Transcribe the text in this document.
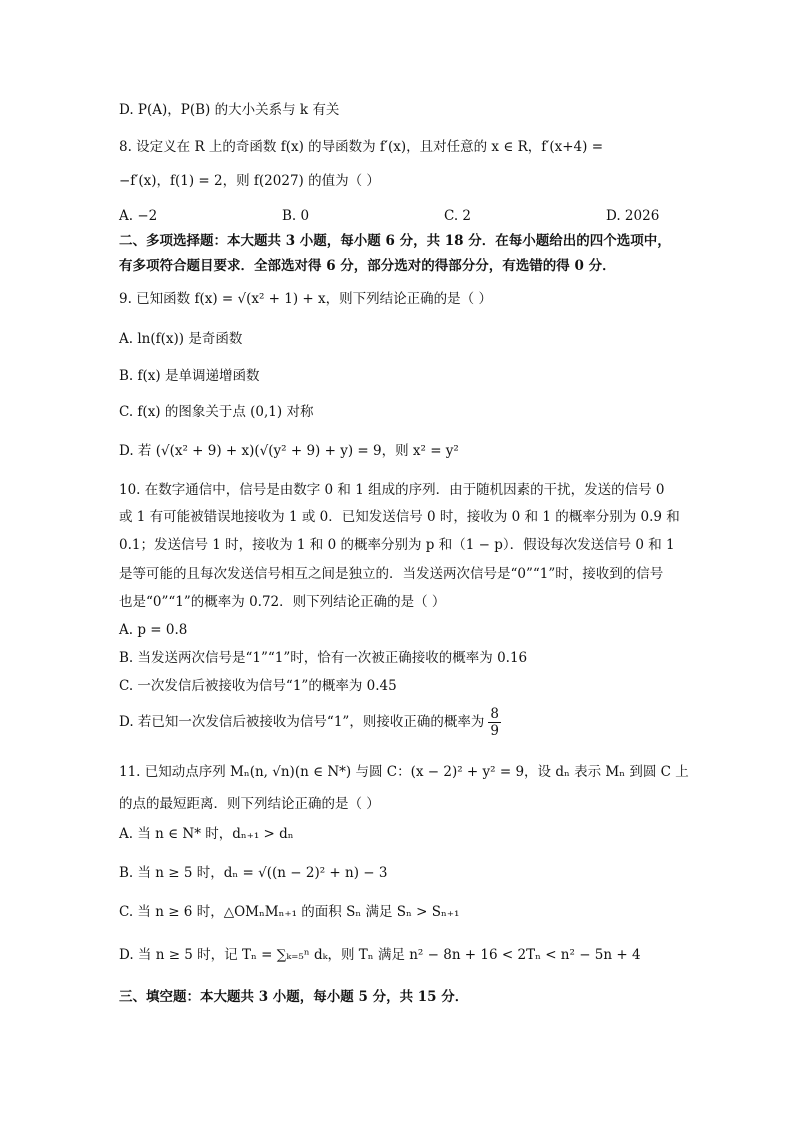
D. P(A)，P(B) 的大小关系与 k 有关
8. 设定义在 R 上的奇函数 f(x) 的导函数为 f′(x)，且对任意的 x ∈ R，f′(x+4) =
−f′(x)，f(1) = 2，则 f(2027) 的值为（ ）
A. −2	B. 0	C. 2	D. 2026
二、多项选择题：本大题共 3 小题，每小题 6 分，共 18 分．在每小题给出的四个选项中，
有多项符合题目要求．全部选对得 6 分，部分选对的得部分分，有选错的得 0 分．
9. 已知函数 f(x) = √(x² + 1) + x，则下列结论正确的是（ ）
A. ln(f(x)) 是奇函数
B. f(x) 是单调递增函数
C. f(x) 的图象关于点 (0,1) 对称
D. 若 (√(x² + 9) + x)(√(y² + 9) + y) = 9，则 x² = y²
10. 在数字通信中，信号是由数字 0 和 1 组成的序列．由于随机因素的干扰，发送的信号 0
或 1 有可能被错误地接收为 1 或 0．已知发送信号 0 时，接收为 0 和 1 的概率分别为 0.9 和
0.1；发送信号 1 时，接收为 1 和 0 的概率分别为 p 和（1 − p）．假设每次发送信号 0 和 1
是等可能的且每次发送信号相互之间是独立的．当发送两次信号是“0”“1”时，接收到的信号
也是“0”“1”的概率为 0.72．则下列结论正确的是（ ）
A. p = 0.8
B. 当发送两次信号是“1”“1”时，恰有一次被正确接收的概率为 0.16
C. 一次发信后被接收为信号“1”的概率为 0.45
D. 若已知一次发信后被接收为信号“1”，则接收正确的概率为 $\frac{8}{9}$
11. 已知动点序列 Mₙ(n, √n)(n ∈ N*) 与圆 C：(x − 2)² + y² = 9，设 dₙ 表示 Mₙ 到圆 C 上
的点的最短距离．则下列结论正确的是（ ）
A. 当 n ∈ N* 时，dₙ₊₁ > dₙ
B. 当 n ≥ 5 时，dₙ = √((n − 2)² + n) − 3
C. 当 n ≥ 6 时，△OMₙMₙ₊₁ 的面积 Sₙ 满足 Sₙ > Sₙ₊₁
D. 当 n ≥ 5 时，记 Tₙ = ∑ₖ₌₅ⁿ dₖ，则 Tₙ 满足 n² − 8n + 16 < 2Tₙ < n² − 5n + 4
三、填空题：本大题共 3 小题，每小题 5 分，共 15 分．
